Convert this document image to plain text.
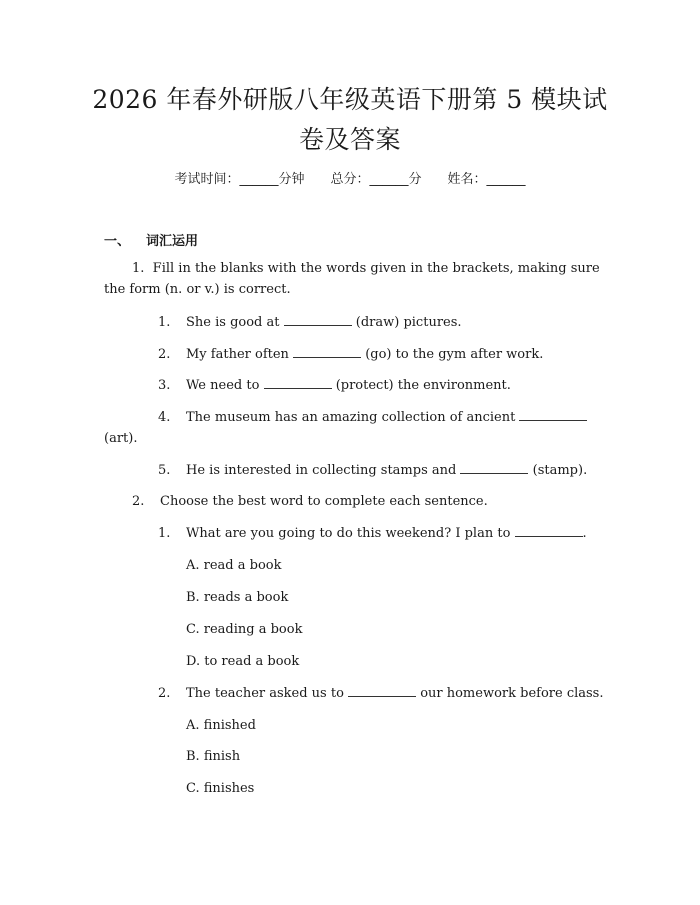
2026 年春外研版八年级英语下册第 5 模块试
卷及答案
考试时间：______分钟 总分：______分 姓名：______
一、 词汇运用
1. Fill in the blanks with the words given in the brackets, making sure the form (n. or v.) is correct.
1. She is good at	(draw) pictures.
2. My father often	(go) to the gym after work.
3. We need to	(protect) the environment.
4. The museum has an amazing collection of ancient
(art).
5. He is interested in collecting stamps and	(stamp).
2. Choose the best word to complete each sentence.
1. What are you going to do this weekend? I plan to	.
A. read a book
B. reads a book
C. reading a book
D. to read a book
2. The teacher asked us to	our homework before class.
A. finished
B. finish
C. finishes
